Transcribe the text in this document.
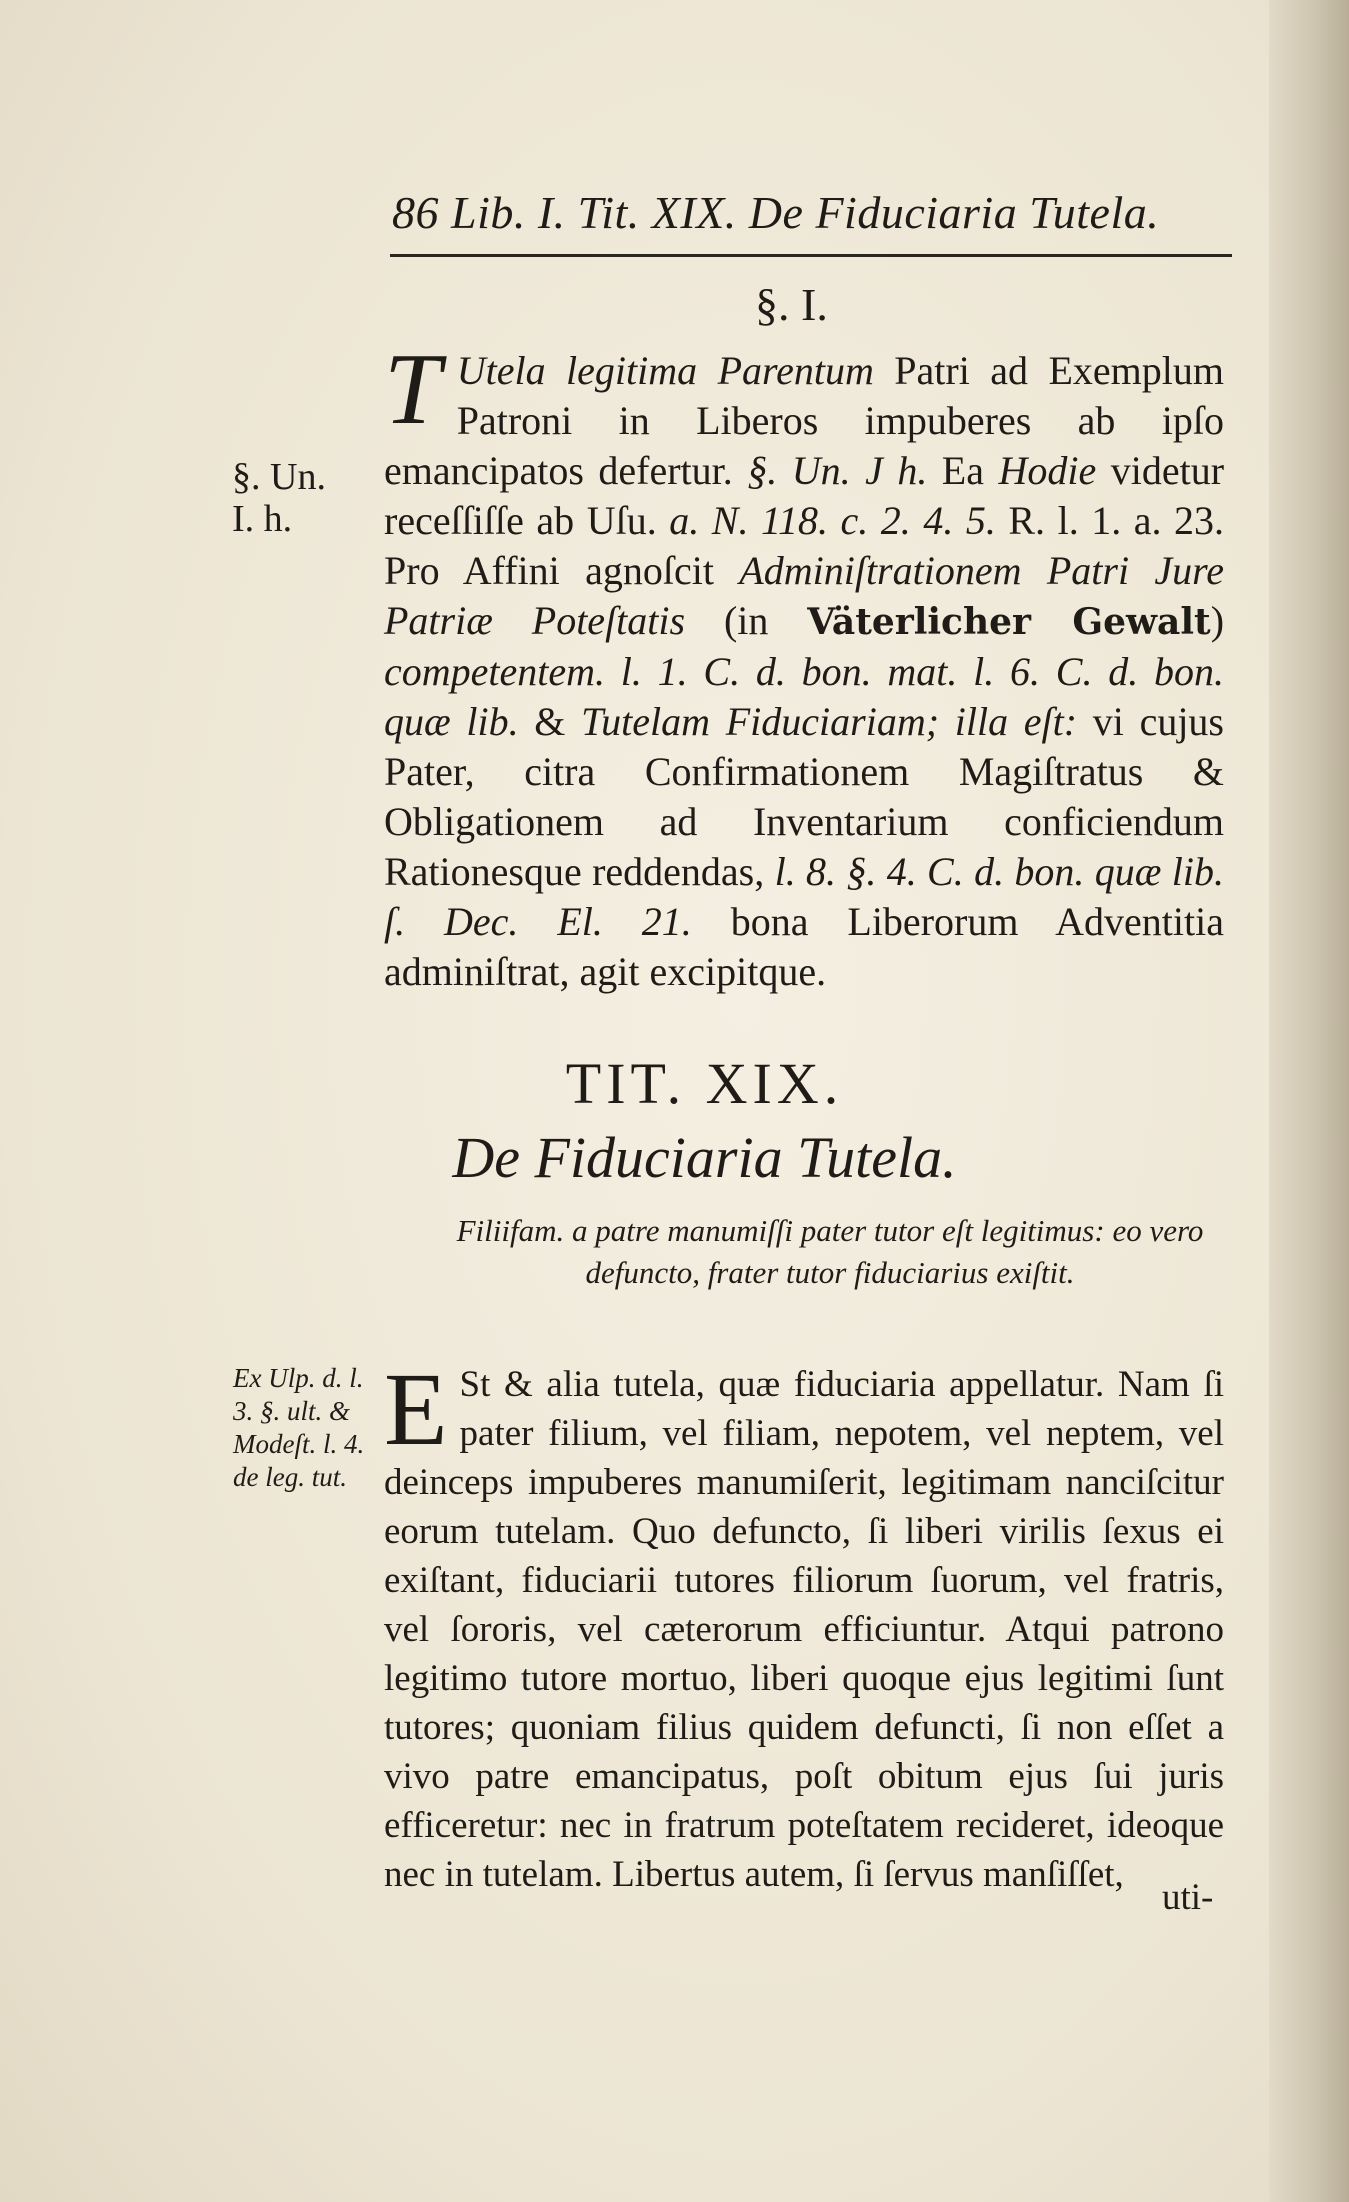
86 Lib. I. Tit. XIX. De Fiduciaria Tutela.
§. I.
§. Un. I. h.

T Utela legitima Parentum Patri ad Exemplum Patroni in Liberos impuberes ab ipſo emancipatos defertur. §. Un. J h. Ea Hodie videtur receſſiſſe ab Uſu. a. N. 118. c. 2. 4. 5. R. l. 1. a. 23. Pro Affini agnoſcit Adminiſtrationem Patri Jure Patriæ Poteſtatis (in Väterlicher Gewalt) competentem. l. 1. C. d. bon. mat. l. 6. C. d. bon. quæ lib. & Tutelam Fiduciariam; illa eſt: vi cujus Pater, citra Confirmationem Magiſtratus & Obligationem ad Inventarium conficiendum Rationesque reddendas, l. 8. §. 4. C. d. bon. quæ lib. ſ. Dec. El. 21. bona Liberorum Adventitia adminiſtrat, agit excipitque.

TIT. XIX.
De Fiduciaria Tutela.
Filiifam. a patre manumiſſi pater tutor eſt legitimus: eo vero defuncto, frater tutor fiduciarius exiſtit.
Ex Ulp. d. l. 3. §. ult. & Modeſt. l. 4. de leg. tut.

E St & alia tutela, quæ fiduciaria appellatur. Nam ſi pater filium, vel filiam, nepotem, vel neptem, vel deinceps impuberes manumiſerit, legitimam nanciſcitur eorum tutelam. Quo defuncto, ſi liberi virilis ſexus ei exiſtant, fiduciarii tutores filiorum ſuorum, vel fratris, vel ſororis, vel cæterorum efficiuntur. Atqui patrono legitimo tutore mortuo, liberi quoque ejus legitimi ſunt tutores; quoniam filius quidem defuncti, ſi non eſſet a vivo patre emancipatus, poſt obitum ejus ſui juris efficeretur: nec in fratrum poteſtatem recideret, ideoque nec in tutelam. Libertus autem, ſi ſervus manſiſſet,

uti-
